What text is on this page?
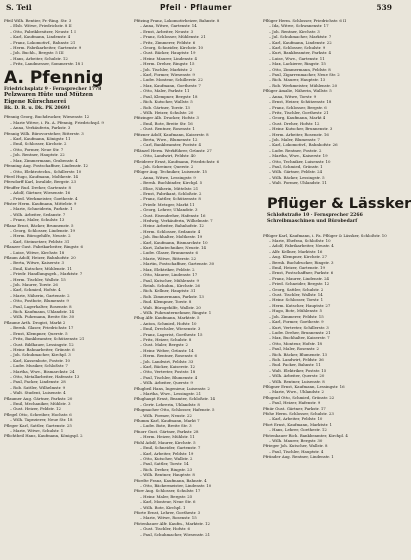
S. Teil	Pfeil · Pflaumer	539
Pfeil Wilh. Rentier, Fr.-Ring. Str. 3
– Elsb. Witwe, Friedrichstr. 8 II
– Otto, Fabrikbesitzer, Neustr. 1 I
– Karl, Kaufmann, Lindenstr. 4
– Franz, Lokomotivf., Bahnstr. 21
– Herm. Fabrikarbeiter, Gartenstr. 9
– Joh. Buchh., Bergstr. 5 III
– Hans, Arbeiter, Schulstr. 12
– Fritz, Landmesser, Sommerstr. 18 I
A. Pfennig
Friedrichsplatz 9 · Fernsprecher 1778
Pelzwaren Hüte und Mützen
Eigene Kürschnerei
Bk. D. B. u. Dk. PK 20691
Pfennig Georg, Buchdrucker, Wiesenstr. 12
– Marie Witwe, i. Fa. A. Pfennig, Friedrichspl. 9
– Anna, Verkäuferin, Parkstr. 3
Pfennig Wilh. Bürovorsteher, Ritterstr. 3
– Karl, Kaufmann, Königstr. 11
– Emil, Schlosser, Kirchstr. 2
– Otto, Former, Neue Str. 7
– Joh. Rentner, Hauptstr. 22
– Max, Zimmermann, Grabenstr. 4
Pfenning Aug. Postschaffner, Lindenstr. 12
– Otto, Elektrotechn., Schillerstr. 10
Pferd Hugo, Kaufmann, Moltkestr. 14
Pfersdorff Karl, Invalide, Bergstr. 23
Pfeuffer Rud. Dreher, Gartenstr. 8
– Adolf, Gärtner, Wiesenstr. 16
– Fried. Werkmeister, Goethestr. 4
Pfister Herm. Kaufmann, Mittelstr. 9
– Marie, Schneiderin, Parkstr. 1
– Wilh. Arbeiter, Sedanstr. 7
– Franz, Maler, Schulstr. 13
Pflanz Ernst, Bäcker, Brunnenstr. 5
– Georg, Schlosser, Lindenstr. 19
– Herm. Bürogehilfe, Neustr. 2
– Karl, Steinsetzer, Feldstr. 31
Pflanzer Gust. Fabrikarbeiter, Ringstr. 6
– Luise, Witwe, Kirchstr. 18
Pflaum Adolf, Heizer, Bahnhofstr. 20
– Berta, Witwe, Kaiserstr. 3
– Emil, Kutscher, Mühlenstr. 11
– Friedr. Handlungsgeh., Marktstr. 7
– Herm. Tischler, Wallstr. 15
– Joh. Maurer, Torstr. 26
– Karl, Schmied, Hofstr. 4
– Marie, Näherin, Gartenstr. 2
– Otto, Postbote, Blumenstr. 9
– Paul, Lagerhalter, Rosenstr. 8
– Rich. Kaufmann, Uhlandstr. 14
– Wilh. Fuhrmann, Breite Str. 30
Pflaume Arth. Drogist, Markt 2
– Bernh. Glaser, Friedrichstr. 17
– Ernst, Klempner, Querstr. 5
– Fritz, Bankbeamter, Schützenstr. 21
– Gust. Bildhauer, Lessingstr. 12
– Heinr. Bahnarbeiter, Grünstr. 6
– Joh. Schuhmacher, Kirchpl. 3
– Karl, Kassenbote, Poststr. 10
– Ludw. Musiker, Schloßstr. 7
– Martha, Wwe., Bismarckstr. 24
– Otto, Metallarbeiter, Hafenstr. 13
– Paul, Packer, Lindenstr. 28
– Rob. Sattler, Wilhelmstr. 9
– Walt. Student, Luisenstr. 4
Pflaumer Aug. Gärtner, Parkstr. 20
– Emil, Mechaniker, Mühlstr. 3
– Gust. Heizer, Feldstr. 12
Pflegel Otto, Schreiber, Hochstr. 6
– Wilh. Tapezierer, Neue Str. 18
Pfleger Karl, Sattler, Gartenstr. 25
– Marie, Witwe, Schulstr. 1
Pflichtbeil Hans, Kaufmann, Königspl. 2
Pfitzing Franz, Lokomotivheizer, Bahnstr. 8
– Anna, Witwe, Gartenstr. 14
– Ernst, Arbeiter, Neustr. 3
– Franz, Schlosser, Mühlenstr. 21
– Fritz, Zimmerer, Feldstr. 6
– Georg, Schneider, Kirchstr. 10
– Gust. Bäcker, Hauptstr. 19
– Heinr. Maurer, Lindenstr. 4
– Herm. Dreher, Ringstr. 15
– Joh. Tischler, Marktstr. 2
– Karl, Former, Wiesenstr. 9
– Ludw. Monteur, Schillerstr. 22
– Max, Kaufmann, Goethestr. 7
– Otto, Maler, Parkstr. 11
– Paul, Klempner, Bergstr. 18
– Rich. Kutscher, Wallstr. 5
– Rob. Gärtner, Torstr. 13
– Wilh. Heizer, Schulstr. 20
Pfitzinger Alb. Drucker, Hofstr. 3
– Emil, Bote, Breite Str. 16
– Gust. Rentner, Rosenstr. 1
Pfitzner Adolf, Kaufmann, Kaiserstr. 8
– Berta, Wwe., Blumenstr. 12
– Carl, Bankbeamter, Poststr. 4
Pflänzel Herm. Werkführer, Grünstr. 27
– Otto, Landwirt, Feldstr. 40
Pfleiderer Ernst, Kaufmann, Friedrichstr. 6
– Joh. Schreiner, Querstr. 2
Pflüger Aug. Techniker, Luisenstr. 15
– Anna, Witwe, Lessingstr. 9
– Bernh. Buchbinder, Kirchpl. 5
– Elise, Näherin, Mittelstr. 21
– Ernst, Fabrikant, Schloßstr. 2
– Franz, Sattler, Schützenstr. 8
– Friedr. Metzger, Markt 11
– Georg, Lehrer, Uhlandstr. 3
– Gust. Eisendreher, Hafenstr. 16
– Hedwig, Verkäuferin, Wilhelmstr. 7
– Heinr. Arbeiter, Bahnhofstr. 12
– Herm. Schlosser, Sedanstr. 4
– Joh. Buchhalter, Moltkestr. 19
– Karl, Kaufmann, Bismarckstr. 10
– Kurt, Zahntechniker, Neustr. 14
– Ludw. Glaser, Brunnenstr. 6
– Marie, Witwe, Ritterstr. 22
– Martin, Postschaffner, Gartenstr. 30
– Max, Elektriker, Feldstr. 2
– Otto, Maurer, Lindenstr. 17
– Paul, Kutscher, Mühlenstr. 9
– Reinh. Schuhm., Kirchstr. 26
– Rich. Kellner, Hauptstr. 31
– Rob. Zimmermann, Parkstr. 13
– Rud. Klempner, Torstr. 8
– Walt. Bürogehilfe, Wallstr. 20
– Wilh. Fuhrunternehmer, Ringstr. 1
Pflug Alfr. Kaufmann, Marktstr. 5
– Anton, Schmied, Hofstr. 10
– Emil, Drechsler, Wiesenstr. 3
– Franz, Lagerist, Goethestr. 15
– Fritz, Heizer, Schulstr. 8
– Gust. Maler, Bergstr. 2
– Heinr. Weber, Grünstr. 14
– Herm. Rentner, Rosenstr. 6
– Joh. Landwirt, Feldstr. 33
– Karl, Bäcker, Kaiserstr. 12
– Otto, Vertreter, Poststr. 18
– Paul, Tischler, Blumenstr. 4
– Wilh. Arbeiter, Querstr. 9
Pflugbeil Hans, Ingenieur, Luisenstr. 2
– Martha, Wwe., Lessingstr. 21
Pflughaupt Ernst, Beamter, Schloßstr. 14
– Gertr. Lehrerin, Uhlandstr. 8
Pflugmacher Otto, Schlosser, Hafenstr. 5
– Wilh. Former, Neustr. 22
Pflumm Karl, Kaufmann, Markt 7
– Ludw. Bote, Breite Str. 3
Pfnorr Gust. Gärtner, Parkstr. 28
– Herm. Heizer, Mühlstr. 11
Pfohl Adolf, Maurer, Kirchstr. 5
– Emil, Schneider, Gartenstr. 7
– Karl, Arbeiter, Feldstr. 19
– Otto, Kutscher, Wallstr. 2
– Paul, Sattler, Torstr. 14
– Rich. Dreher, Ringstr. 23
– Wilh. Rentner, Hauptstr. 8
Pfordte Franz, Kaufmann, Bahnstr. 4
– Otto, Bäckermeister, Lindenstr. 10
Pforr Aug. Schlosser, Schulstr. 17
– Heinr. Maler, Bergstr. 25
– Karl, Monteur, Neue Str. 6
– Wilh. Bote, Kirchpl. 1
Pforte Ernst, Lehrer, Goethestr. 3
– Marie, Witwe, Rosenstr. 15
Pfotenhauer Alfr. Kaufm., Marktstr. 12
– Gust. Tischler, Hofstr. 6
– Paul, Schuhmacher, Wiesenstr. 21
Pflüger Herm. Schlosser, Friedrichstr. 6 II
– Ida, Witwe, Schwanenstr. 17
– Joh. Rentner, Kirchstr. 3
– Jul. Schuhmacher, Marktstr. 7
– Karl, Kaufmann, Lindenstr. 22
– Karl, Schlosser, Schulstr. 9
– Kurt, Bankbeamter, Parkstr. 4
– Luise, Wwe., Gartenstr. 11
– Max, Lackierer, Ringstr. 15
– Otto, Zimmermann, Feldstr. 8
– Paul, Zigarrenmacher, Neue Str. 2
– Rich. Maurer, Hauptstr. 13
– Rob. Werkmeister, Mühlenstr. 20
Pflüger Amalie, Näherin, Wallstr. 5
– Anna, Witwe, Torstr. 9
– Ernst, Heizer, Schützenstr. 18
– Franz, Schlosser, Bergstr. 6
– Fritz, Tischler, Goethestr. 21
– Georg, Kaufmann, Markt 4
– Gust. Dreher, Hofstr. 12
– Heinr. Kutscher, Brunnenstr. 3
– Herm. Arbeiter, Rosenstr. 16
– Joh. Maler, Blumenstr. 7
– Karl, Lokomotivf., Bahnhofstr. 26
– Ludw. Rentner, Poststr. 2
– Martha, Wwe., Kaiserstr. 19
– Otto, Techniker, Luisenstr. 10
– Paul, Schmied, Grünstr. 1
– Wilh. Gärtner, Feldstr. 24
– Wilh. Bäcker, Lessingstr. 5
– Walt. Former, Uhlandstr. 11
Pflüger & Lässker
Schloßstraße 10 · Fernsprecher 2266
Schreibmaschinen und Bürobedarf
Pflüger Karl, Kaufmann, i. Fa. Pflüger & Lässker, Schloßstr. 10
– Marie, Ehefrau, Schloßstr. 10
– Adolf, Fabrikarbeiter, Neustr. 4
– Alfr. Kellner, Marktstr. 16
– Aug. Klempner, Kirchstr. 27
– Bernh. Buchdrucker, Ringstr. 3
– Emil, Heizer, Gartenstr. 19
– Ernst, Postschaffner, Parkstr. 6
– Franz, Maurer, Lindenstr. 24
– Fried. Schneider, Bergstr. 12
– Georg, Sattler, Schulstr. 2
– Gust. Tischler, Wallstr. 14
– Heinr. Schlosser, Torstr. 1
– Herm. Kutscher, Hauptstr. 27
– Hugo, Bote, Mühlenstr. 5
– Joh. Zimmerer, Feldstr. 15
– Karl, Former, Goethestr. 9
– Kurt, Vertreter, Schillerstr. 3
– Ludw. Dreher, Brunnenstr. 21
– Max, Buchhalter, Kaiserstr. 7
– Otto, Monteur, Hofstr. 18
– Paul, Maler, Rosenstr. 2
– Rich. Bäcker, Blumenstr. 13
– Rob. Landwirt, Feldstr. 36
– Rud. Packer, Bahnstr. 11
– Walt. Elektriker, Poststr. 15
– Wilh. Arbeiter, Querstr. 20
– Wilh. Rentner, Luisenstr. 8
Pflügner Ernst, Kaufmann, Lessingstr. 16
– Marie, Wwe., Uhlandstr. 2
Pflugrad Otto, Schmied, Grünstr. 22
– Paul, Heizer, Hafenstr. 9
Pfnür Gust. Gärtner, Parkstr. 17
Pfohe Herm. Schlosser, Schulstr. 23
– Karl, Arbeiter, Feldstr. 10
Pfort Ernst, Kaufmann, Marktstr. 1
– Hans, Lehrer, Goethestr. 12
Pfotenhauer Rich. Bankbeamter, Kirchpl. 4
– Wilh. Maurer, Bergstr. 30
Pfrieger Joh. Kutscher, Wallstr. 8
– Paul, Tischler, Hauptstr. 4
Pfründer Aug. Rentner, Lindenstr. 1
